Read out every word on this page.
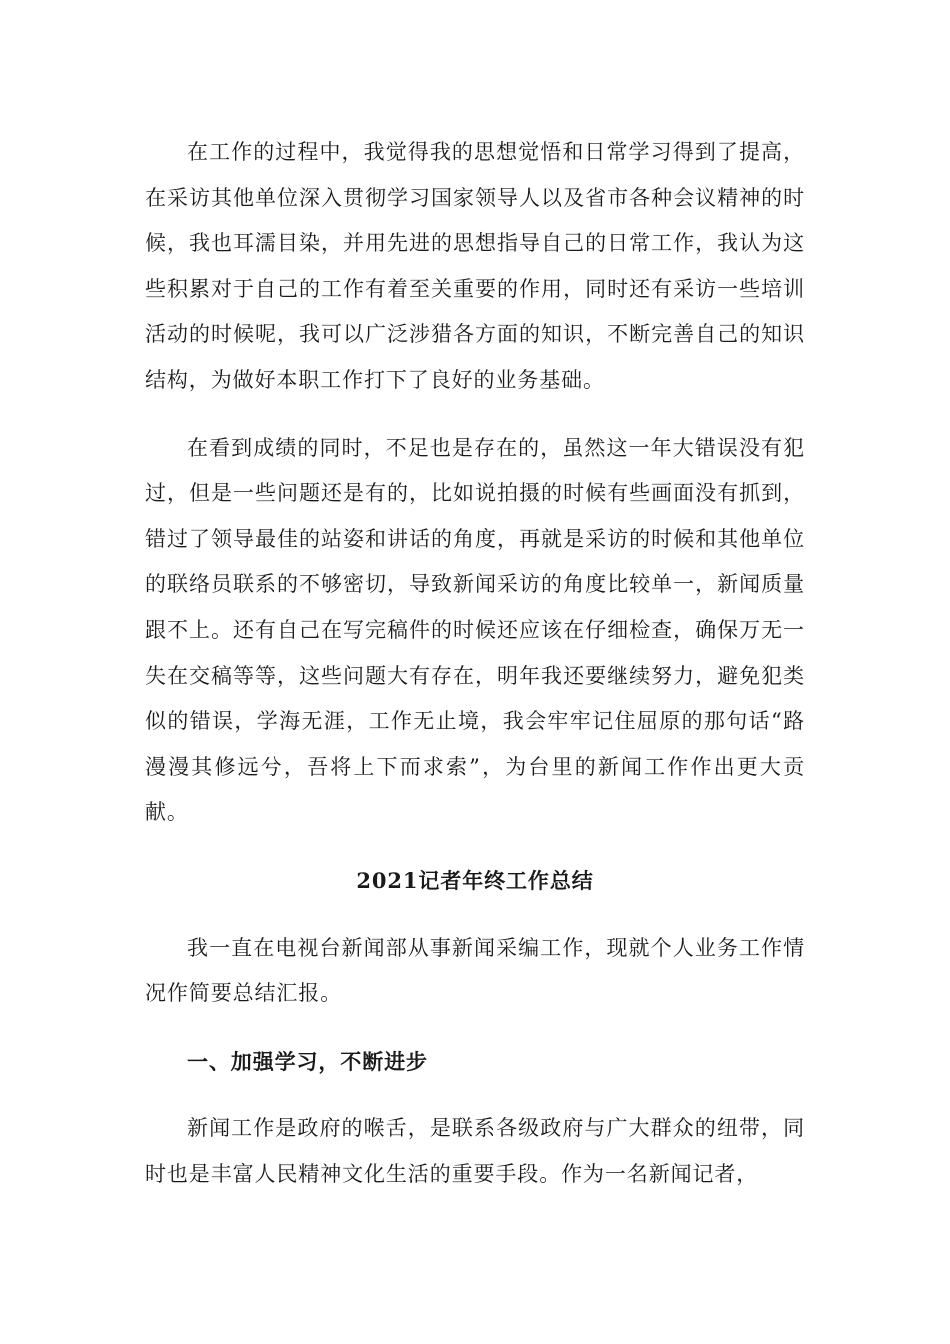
在工作的过程中，我觉得我的思想觉悟和日常学习得到了提高，在采访其他单位深入贯彻学习国家领导人以及省市各种会议精神的时候，我也耳濡目染，并用先进的思想指导自己的日常工作，我认为这些积累对于自己的工作有着至关重要的作用，同时还有采访一些培训活动的时候呢，我可以广泛涉猎各方面的知识，不断完善自己的知识结构，为做好本职工作打下了良好的业务基础。

在看到成绩的同时，不足也是存在的，虽然这一年大错误没有犯过，但是一些问题还是有的，比如说拍摄的时候有些画面没有抓到，错过了领导最佳的站姿和讲话的角度，再就是采访的时候和其他单位的联络员联系的不够密切，导致新闻采访的角度比较单一，新闻质量跟不上。还有自己在写完稿件的时候还应该在仔细检查，确保万无一失在交稿等等，这些问题大有存在，明年我还要继续努力，避免犯类似的错误，学海无涯，工作无止境，我会牢牢记住屈原的那句话“路漫漫其修远兮，吾将上下而求索”，为台里的新闻工作作出更大贡献。

2021记者年终工作总结

我一直在电视台新闻部从事新闻采编工作，现就个人业务工作情况作简要总结汇报。

一、加强学习，不断进步

新闻工作是政府的喉舌，是联系各级政府与广大群众的纽带，同时也是丰富人民精神文化生活的重要手段。作为一名新闻记者，
